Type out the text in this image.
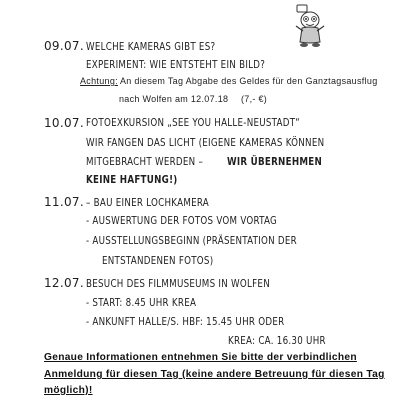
09.07. WELCHE KAMERAS GIBT ES?
EXPERIMENT: WIE ENTSTEHT EIN BILD?
Achtung: An diesem Tag Abgabe des Geldes für den Ganztagsausflug
nach Wolfen am 12.07.18 (7,- €)
10.07. FOTOEXKURSION „SEE YOU HALLE-NEUSTADT“
WIR FANGEN DAS LICHT (EIGENE KAMERAS KÖNNEN
MITGEBRACHT WERDEN – WIR ÜBERNEHMEN
KEINE HAFTUNG!)
11.07. – BAU EINER LOCHKAMERA
- AUSWERTUNG DER FOTOS VOM VORTAG
- AUSSTELLUNGSBEGINN (PRÄSENTATION DER
ENTSTANDENEN FOTOS)
12.07. BESUCH DES FILMMUSEUMS IN WOLFEN
- START: 8.45 UHR KREA
- ANKUNFT HALLE/S. HBF: 15.45 UHR ODER
KREA: CA. 16.30 UHR
Genaue Informationen entnehmen Sie bitte der verbindlichen
Anmeldung für diesen Tag (keine andere Betreuung für diesen Tag
möglich)!
